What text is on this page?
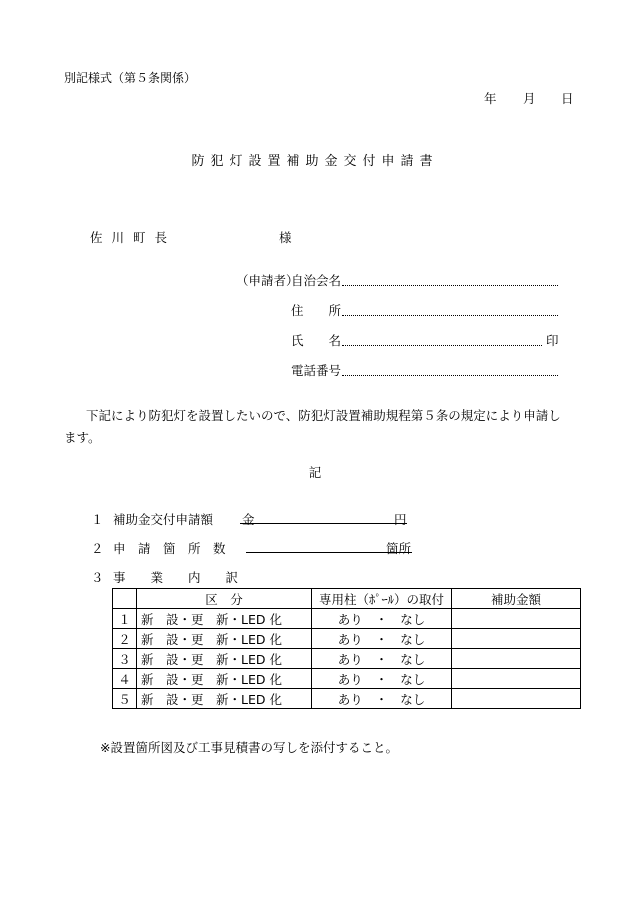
別記様式（第５条関係）
年 月 日
防犯灯設置補助金交付申請書
佐川町長	様
（申請者）
自治会名
住　　所
氏　　名	印
電話番号
下記により防犯灯を設置したいので、防犯灯設置補助規程第５条の規定により申請します。
記
１ 補助金交付申請額 金	円
２ 申　請　箇　所　数	箇所
３ 事　　業　　内　　訳
	区　分	専用柱（ﾎﾟｰﾙ）の取付	補助金額
１	新　設・更　新・LED 化	あり　・　なし	
２	新　設・更　新・LED 化	あり　・　なし	
３	新　設・更　新・LED 化	あり　・　なし	
４	新　設・更　新・LED 化	あり　・　なし	
５	新　設・更　新・LED 化	あり　・　なし	
※設置箇所図及び工事見積書の写しを添付すること。
